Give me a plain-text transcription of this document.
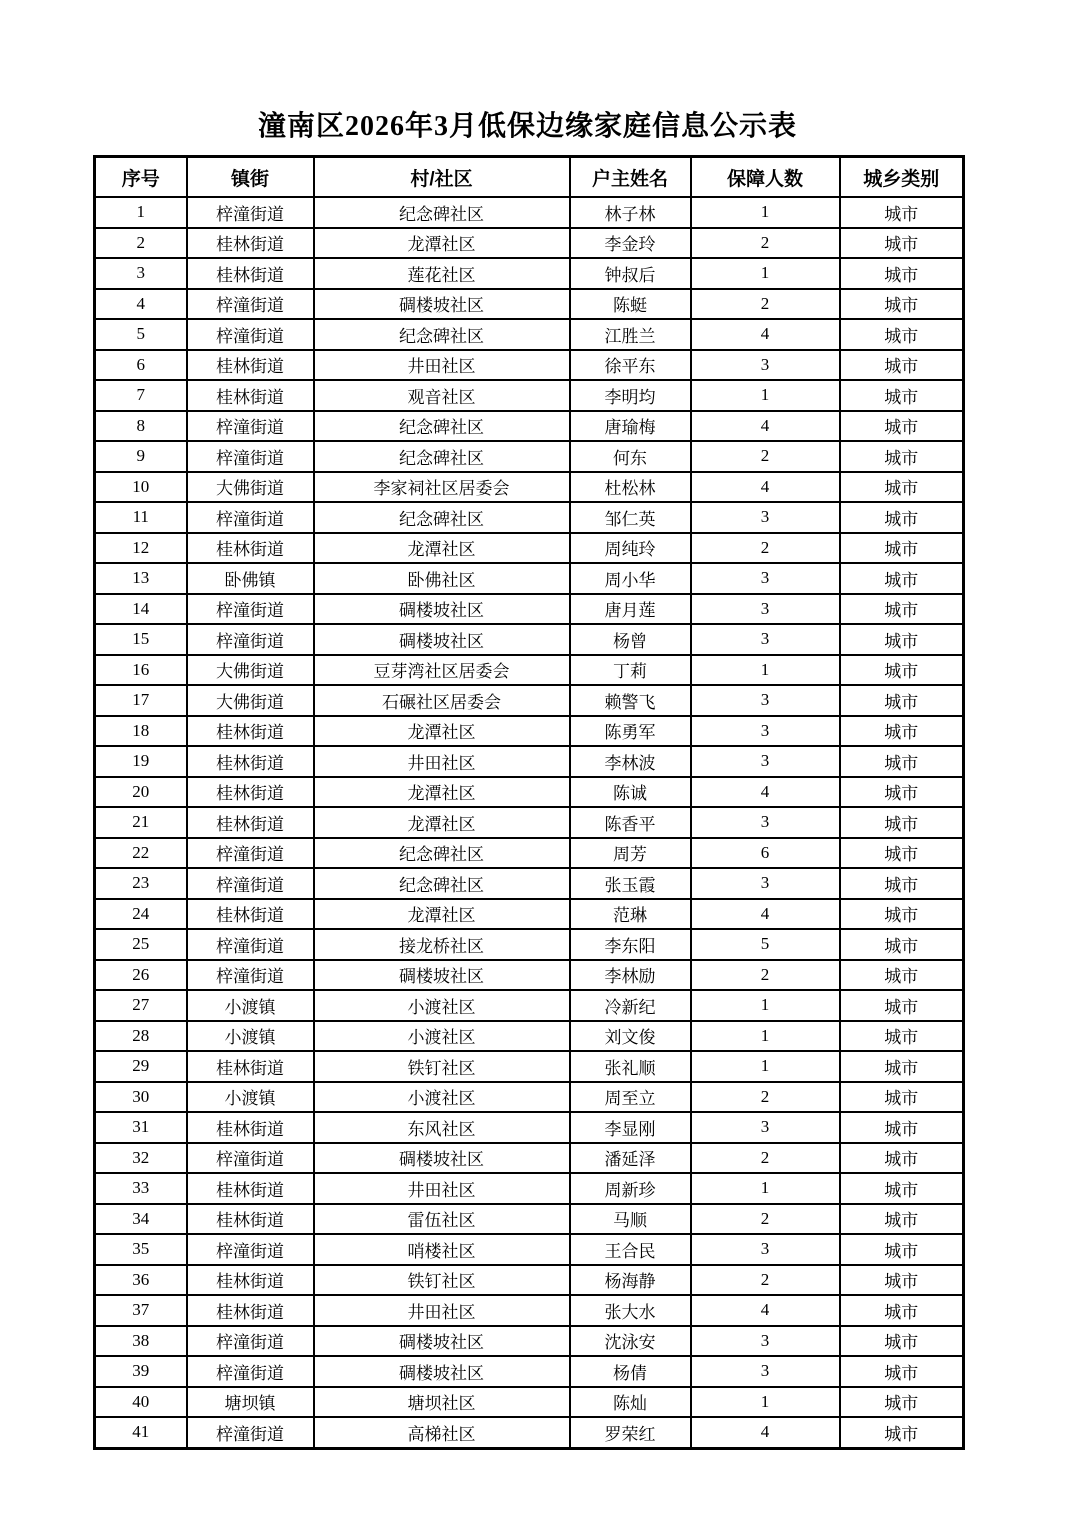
潼南区2026年3月低保边缘家庭信息公示表
序号	镇街	村/社区	户主姓名	保障人数	城乡类别
1	梓潼街道	纪念碑社区	林子林	1	城市
2	桂林街道	龙潭社区	李金玲	2	城市
3	桂林街道	莲花社区	钟叔后	1	城市
4	梓潼街道	碉楼坡社区	陈蜓	2	城市
5	梓潼街道	纪念碑社区	江胜兰	4	城市
6	桂林街道	井田社区	徐平东	3	城市
7	桂林街道	观音社区	李明均	1	城市
8	梓潼街道	纪念碑社区	唐瑜梅	4	城市
9	梓潼街道	纪念碑社区	何东	2	城市
10	大佛街道	李家祠社区居委会	杜松林	4	城市
11	梓潼街道	纪念碑社区	邹仁英	3	城市
12	桂林街道	龙潭社区	周纯玲	2	城市
13	卧佛镇	卧佛社区	周小华	3	城市
14	梓潼街道	碉楼坡社区	唐月莲	3	城市
15	梓潼街道	碉楼坡社区	杨曾	3	城市
16	大佛街道	豆芽湾社区居委会	丁莉	1	城市
17	大佛街道	石碾社区居委会	赖警飞	3	城市
18	桂林街道	龙潭社区	陈勇军	3	城市
19	桂林街道	井田社区	李林波	3	城市
20	桂林街道	龙潭社区	陈诚	4	城市
21	桂林街道	龙潭社区	陈香平	3	城市
22	梓潼街道	纪念碑社区	周芳	6	城市
23	梓潼街道	纪念碑社区	张玉霞	3	城市
24	桂林街道	龙潭社区	范琳	4	城市
25	梓潼街道	接龙桥社区	李东阳	5	城市
26	梓潼街道	碉楼坡社区	李林励	2	城市
27	小渡镇	小渡社区	冷新纪	1	城市
28	小渡镇	小渡社区	刘文俊	1	城市
29	桂林街道	铁钉社区	张礼顺	1	城市
30	小渡镇	小渡社区	周至立	2	城市
31	桂林街道	东风社区	李显刚	3	城市
32	梓潼街道	碉楼坡社区	潘延泽	2	城市
33	桂林街道	井田社区	周新珍	1	城市
34	桂林街道	雷伍社区	马顺	2	城市
35	梓潼街道	哨楼社区	王合民	3	城市
36	桂林街道	铁钉社区	杨海静	2	城市
37	桂林街道	井田社区	张大水	4	城市
38	梓潼街道	碉楼坡社区	沈泳安	3	城市
39	梓潼街道	碉楼坡社区	杨倩	3	城市
40	塘坝镇	塘坝社区	陈灿	1	城市
41	梓潼街道	高梯社区	罗荣红	4	城市
